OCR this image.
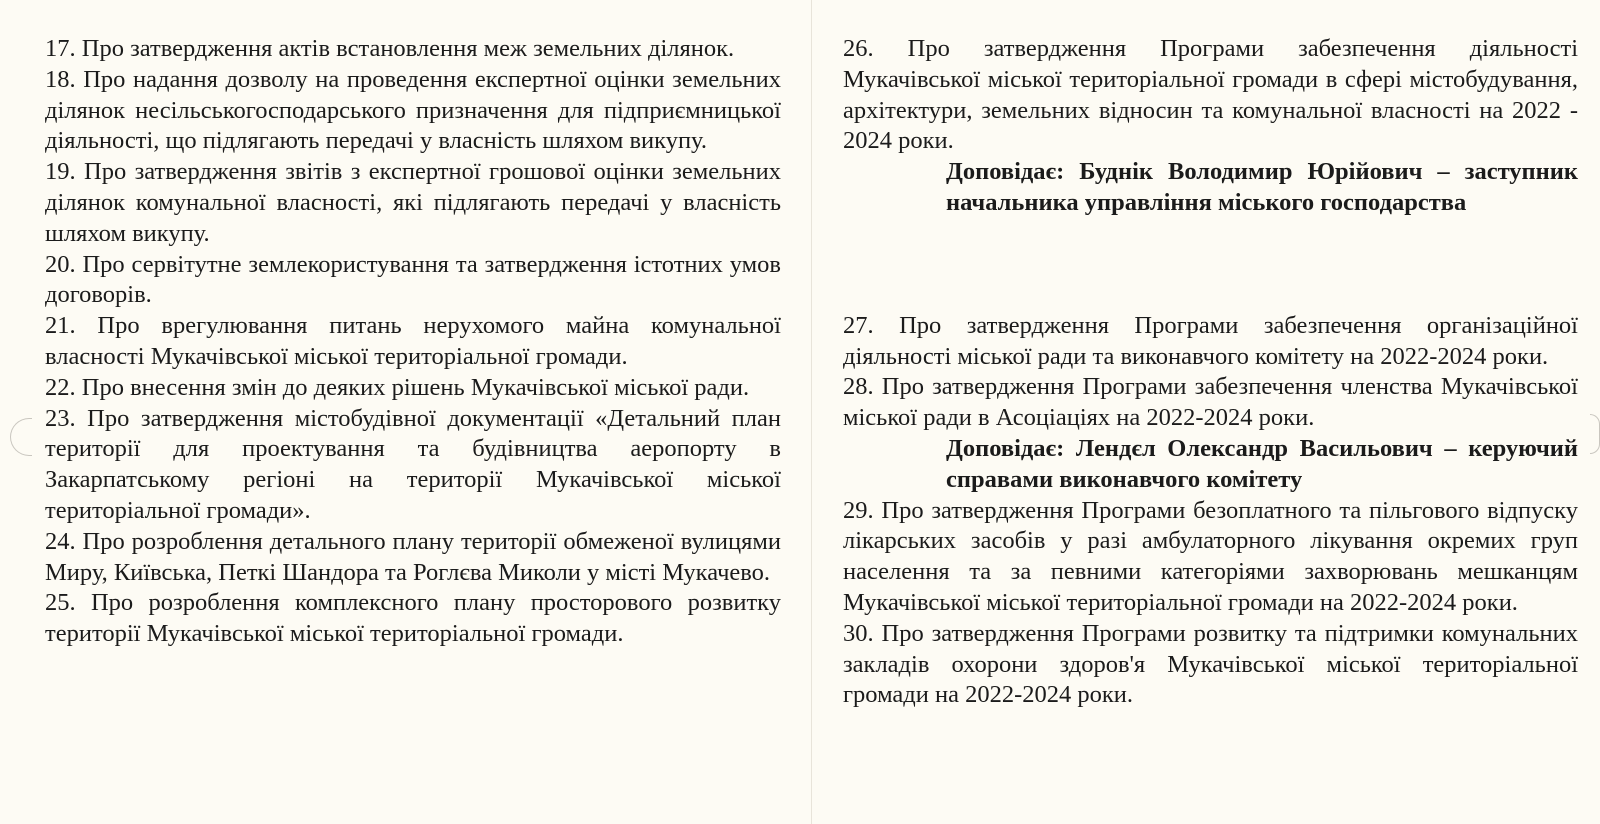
17. Про затвердження актів встановлення меж земельних ділянок.

18. Про надання дозволу на проведення експертної оцінки земельних ділянок несільськогосподарського призначення для підприємницької діяльності, що підлягають передачі у власність шляхом викупу.

19. Про затвердження звітів з експертної грошової оцінки земельних ділянок комунальної власності, які підлягають передачі у власність шляхом викупу.

20. Про сервітутне землекористування та затвердження істотних умов договорів.

21. Про врегулювання питань нерухомого майна комунальної власності Мукачівської міської територіальної громади.

22. Про внесення змін до деяких рішень Мукачівської міської ради.

23. Про затвердження містобудівної документації «Детальний план території для проектування та будівництва аеропорту в Закарпатському регіоні на території Мукачівської міської територіальної громади».

24. Про розроблення детального плану території обмеженої вулицями Миру, Київська, Петкі Шандора та Роглєва Миколи у місті Мукачево.

25. Про розроблення комплексного плану просторового розвитку території Мукачівської міської територіальної громади.

26. Про затвердження Програми забезпечення діяльності Мукачівської міської територіальної громади в сфері містобудування, архітектури, земельних відносин та комунальної власності на 2022 - 2024 роки.

Доповідає: Буднік Володимир Юрійович – заступник начальника управління міського господарства

27. Про затвердження Програми забезпечення організаційної діяльності міської ради та виконавчого комітету на 2022-2024 роки.

28. Про затвердження Програми забезпечення членства Мукачівської міської ради в Асоціаціях на 2022-2024 роки.

Доповідає: Лендєл Олександр Васильович – керуючий справами виконавчого комітету

29. Про затвердження Програми безоплатного та пільгового відпуску лікарських засобів у разі амбулаторного лікування окремих груп населення та за певними категоріями захворювань мешканцям Мукачівської міської територіальної громади на 2022-2024 роки.

30. Про затвердження Програми розвитку та підтримки комунальних закладів охорони здоров'я Мукачівської міської територіальної громади на 2022-2024 роки.
